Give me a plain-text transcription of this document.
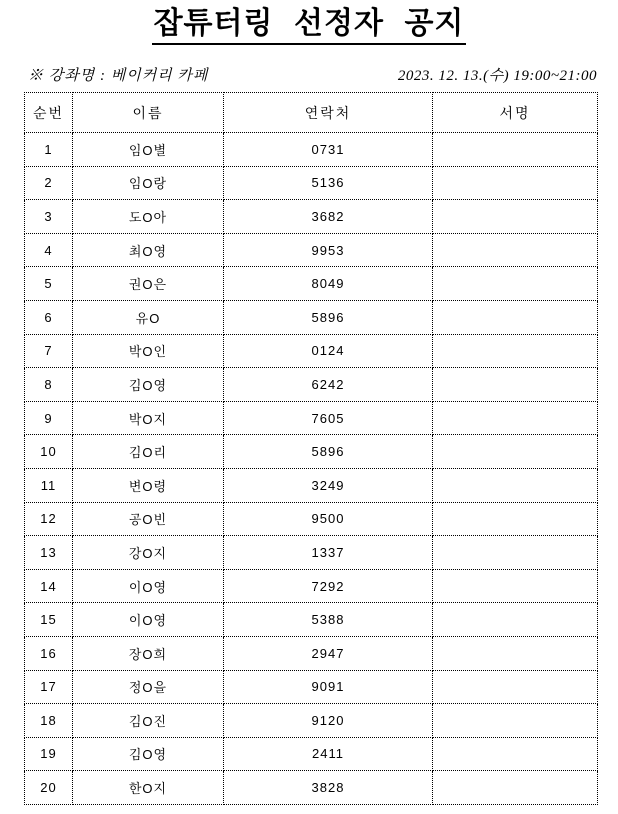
잡튜터링 선정자 공지
※ 강좌명 : 베이커리 카페	2023. 12. 13.(수) 19:00~21:00
순번	이름	연락처	서명
1	임O별	0731	
2	임O랑	5136	
3	도O아	3682	
4	최O영	9953	
5	권O은	8049	
6	유O	5896	
7	박O인	0124	
8	김O영	6242	
9	박O지	7605	
10	김O리	5896	
11	변O령	3249	
12	공O빈	9500	
13	강O지	1337	
14	이O영	7292	
15	이O영	5388	
16	장O희	2947	
17	정O을	9091	
18	김O진	9120	
19	김O영	2411	
20	한O지	3828	
